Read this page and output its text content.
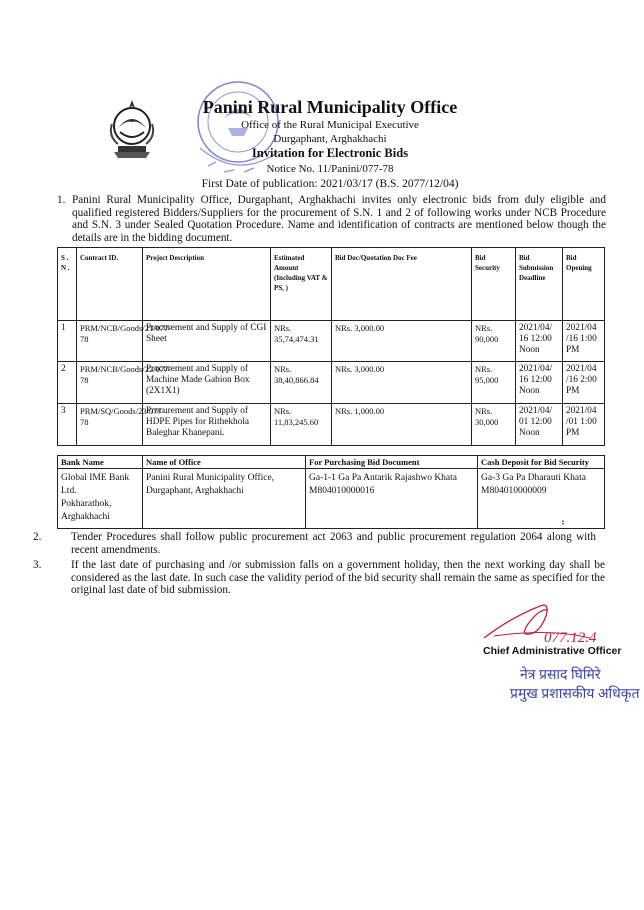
Panini Rural Municipality Office
Office of the Rural Municipal Executive
Durgaphant, Arghakhachi
Invitation for Electronic Bids
Notice No. 11/Panini/077-78
First Date of publication: 2021/03/17 (B.S. 2077/12/04)
1. Panini Rural Municipality Office, Durgaphant, Arghakhachi invites only electronic bids from duly eligible and qualified registered Bidders/Suppliers for the procurement of S.N. 1 and 2 of following works under NCB Procedure and S.N. 3 under Sealed Quotation Procedure. Name and identification of contracts are mentioned below though the details are in the bidding document.
S . N .	Contract ID.	Project Description	Estimated Amount (Including VAT & PS, )	Bid Doc/Quotation Doc Fee	Bid Security	Bid Submission Deadline	Bid Opening
1	PRM/NCB/Goods/21/077-78	Procurement and Supply of CGI Sheet	NRs. 35,74,474.31	NRs. 3,000.00	NRs. 90,000	2021/04/ 16 12:00 Noon	2021/04 /16 1:00 PM
2	PRM/NCB/Goods/22/077-78	Procurement and Supply of Machine Made Gabion Box (2X1X1)	NRs. 38,40,866.84	NRs. 3,000.00	NRs. 95,000	2021/04/ 16 12:00 Noon	2021/04 /16 2:00 PM
3	PRM/SQ/Goods/23/077-78	Procurement and Supply of HDPE Pipes for Rithekhola Baleghar Khanepani.	NRs. 11,83,245.60	NRs. 1,000.00	NRs. 30,000	2021/04/ 01 12:00 Noon	2021/04 /01 1:00 PM
Bank Name	Name of Office	For Purchasing Bid Document	Cash Deposit for Bid Security

Global IME Bank Ltd.
Pokharathok, Arghakhachi	Panini Rural Municipality Office, Durgaphant, Arghakhachi	Ga-1-1 Ga Pa Antarik Rajashwo Khata M804010000016	Ga-3 Ga Pa Dharauti Khata M804010000009
⠆
2.	Tender Procedures shall follow public procurement act 2063 and public procurement regulation 2064 along with recent amendments.
3.	If the last date of purchasing and /or submission falls on a government holiday, then the next working day shall be considered as the last date. In such case the validity period of the bid security shall remain the same as specified for the original last date of bid submission.
077.12.4
Chief Administrative Officer
नेत्र प्रसाद घिमिरे
प्रमुख प्रशासकीय अधिकृत
